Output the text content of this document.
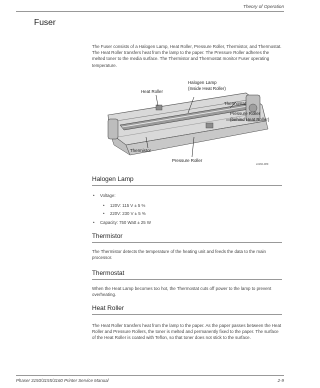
Theory of Operation
Fuser

The Fuser consists of a Halogen Lamp, Heat Roller, Pressure Roller, Thermistor, and Thermostat. The Heat Roller transfers heat from the lamp to the paper. The Pressure Roller adheres the melted toner to the media surface. The Thermistor and Thermostat monitor Fuser operating temperature.

Heat Roller
Halogen Lamp
(Inside Heat Roller)
Thermostat
Pressure Roller
(behind Heat Roller)
Thermistor
Pressure Roller
s3160-089
Halogen Lamp
• Voltage:
• 120V: 115 V ± 5 %
• 220V: 230 V ± 5 %
• Capacity: 750 Watt ± 25 W
Thermistor

The Thermistor detects the temperature of the heating unit and feeds the data to the main processor.

Thermostat

When the Heat Lamp becomes too hot, the Thermostat cuts off power to the lamp to prevent overheating.

Heat Roller

The Heat Roller transfers heat from the lamp to the paper. As the paper passes between the Heat Roller and Pressure Rollers, the toner is melted and permanently fixed to the paper. The surface of the Heat Roller is coated with Teflon, so that toner does not stick to the surface.

Phaser 3150/3155/3160 Printer Service Manual	2-9
